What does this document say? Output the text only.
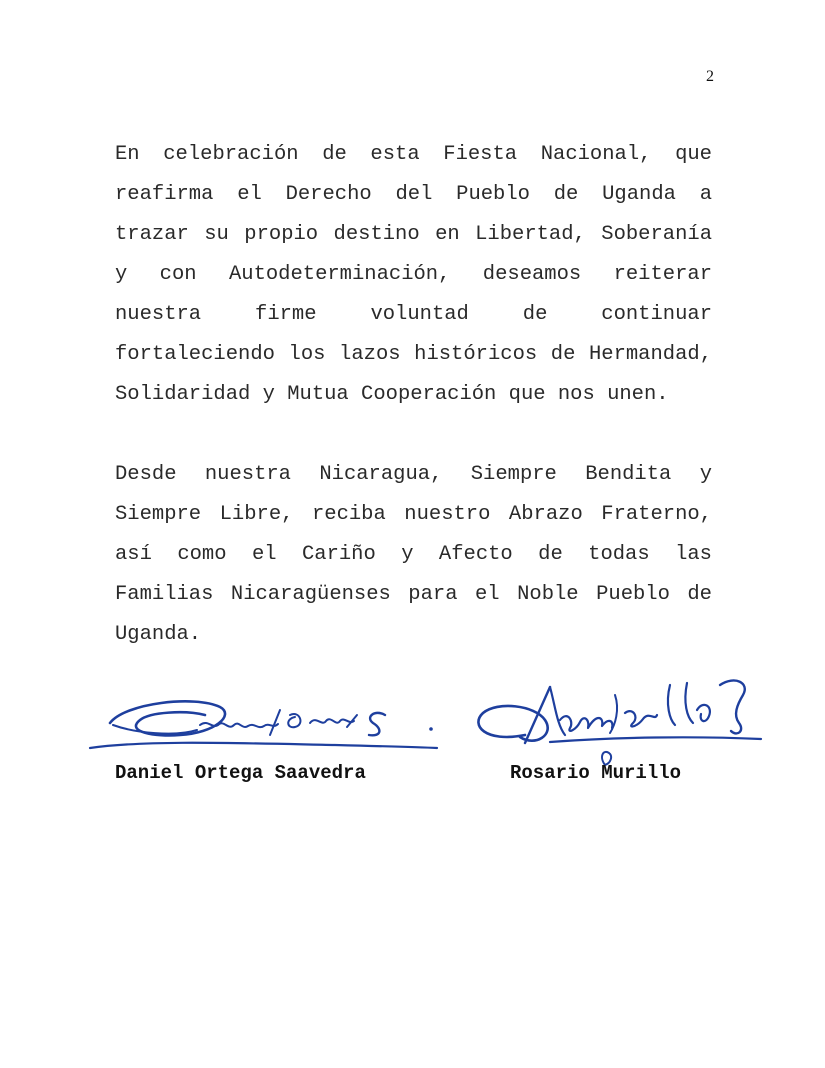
2

En celebración de esta Fiesta Nacional, que reafirma el Derecho del Pueblo de Uganda a trazar su propio destino en Libertad, Soberanía y con Autodeterminación, deseamos reiterar nuestra firme voluntad de continuar fortaleciendo los lazos históricos de Hermandad, Solidaridad y Mutua Cooperación que nos unen.

Desde nuestra Nicaragua, Siempre Bendita y Siempre Libre, reciba nuestro Abrazo Fraterno, así como el Cariño y Afecto de todas las Familias Nicaragüenses para el Noble Pueblo de Uganda.

Daniel Ortega Saavedra	Rosario Murillo
